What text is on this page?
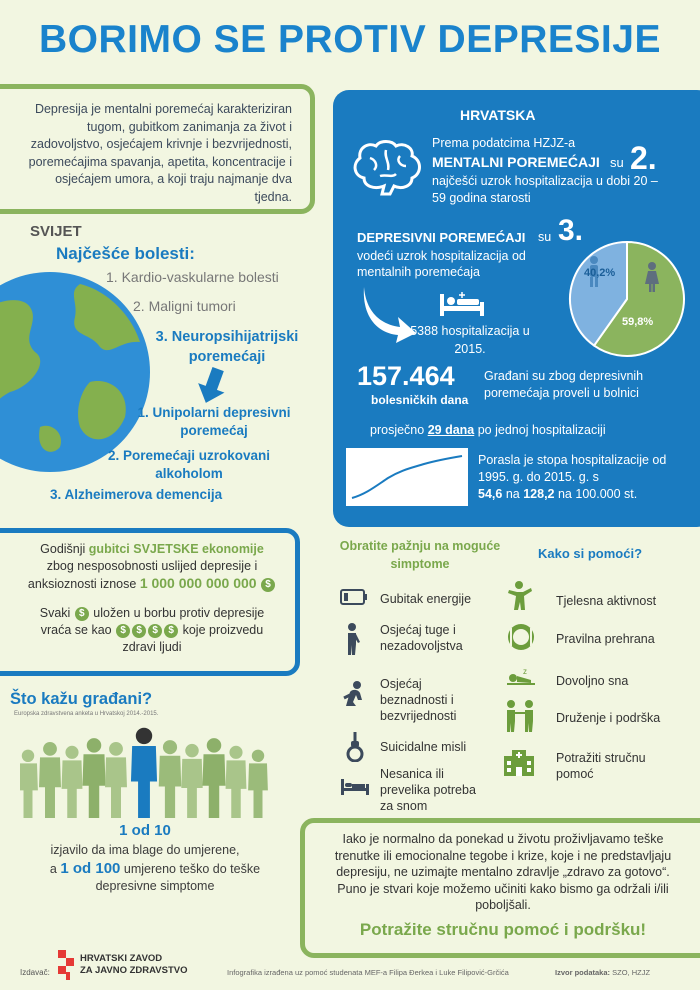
BORIMO SE PROTIV DEPRESIJE
Depresija je mentalni poremećaj karakteriziran tugom, gubitkom zanimanja za život i zadovoljstvo, osjećajem krivnje i bezvrijednosti, poremećajima spavanja, apetita, koncentracije i osjećajem umora, a koji traju najmanje dva tjedna.
SVIJET
Najčešće bolesti:
1. Kardio-vaskularne bolesti
2. Maligni tumori
3. Neuropsihijatrijski poremećaji
1. Unipolarni depresivni poremećaj
2. Poremećaji uzrokovani alkoholom
3. Alzheimerova demencija
HRVATSKA
Prema podatcima HZJZ-a
MENTALNI POREMEĆAJI su 2.
najčešći uzrok hospitalizacija u dobi 20 – 59 godina starosti
DEPRESIVNI POREMEĆAJI su 3.
vodeći uzrok hospitalizacija od mentalnih poremećaja
5388 hospitalizacija u 2015.
40,2%
59,8%
157.464
bolesničkih dana
Građani su zbog depresivnih poremećaja proveli u bolnici
prosječno 29 dana po jednoj hospitalizaciji
Porasla je stopa hospitalizacije od 1995. g. do 2015. g. s
54,6 na 128,2 na 100.000 st.
Godišnji gubitci SVJETSKE ekonomije zbog nesposobnosti uslijed depresije i anksioznosti iznose 1 000 000 000 000 $
Svaki $ uložen u borbu protiv depresije vraća se kao $ $ $ $ koje proizvedu zdravi ljudi
Što kažu građani?
Europska zdravstvena anketa u Hrvatskoj 2014.-2015.
1 od 10
izjavilo da ima blage do umjerene,
a 1 od 100 umjereno teško do teške depresivne simptome
Obratite pažnju na moguće simptome
Gubitak energije
Osjećaj tuge i nezadovoljstva
Osjećaj beznadnosti i bezvrijednosti
Suicidalne misli
Nesanica ili prevelika potreba za snom
Kako si pomoći?
Tjelesna aktivnost
Pravilna prehrana
z
Dovoljno sna
Druženje i podrška
Potražiti stručnu pomoć
Iako je normalno da ponekad u životu proživljavamo teške trenutke ili emocionalne tegobe i krize, koje i ne predstavljaju depresiju, ne uzimajte mentalno zdravlje „zdravo za gotovo“. Puno je stvari koje možemo učiniti kako bismo ga održali i/ili poboljšali.
Potražite stručnu pomoć i podršku!
Izdavač:
HRVATSKI ZAVOD
ZA JAVNO ZDRAVSTVO	Infografika izrađena uz pomoć studenata MEF-a Filipa Đerkea i Luke Filipović-Grčića	Izvor podataka: SZO, HZJZ
